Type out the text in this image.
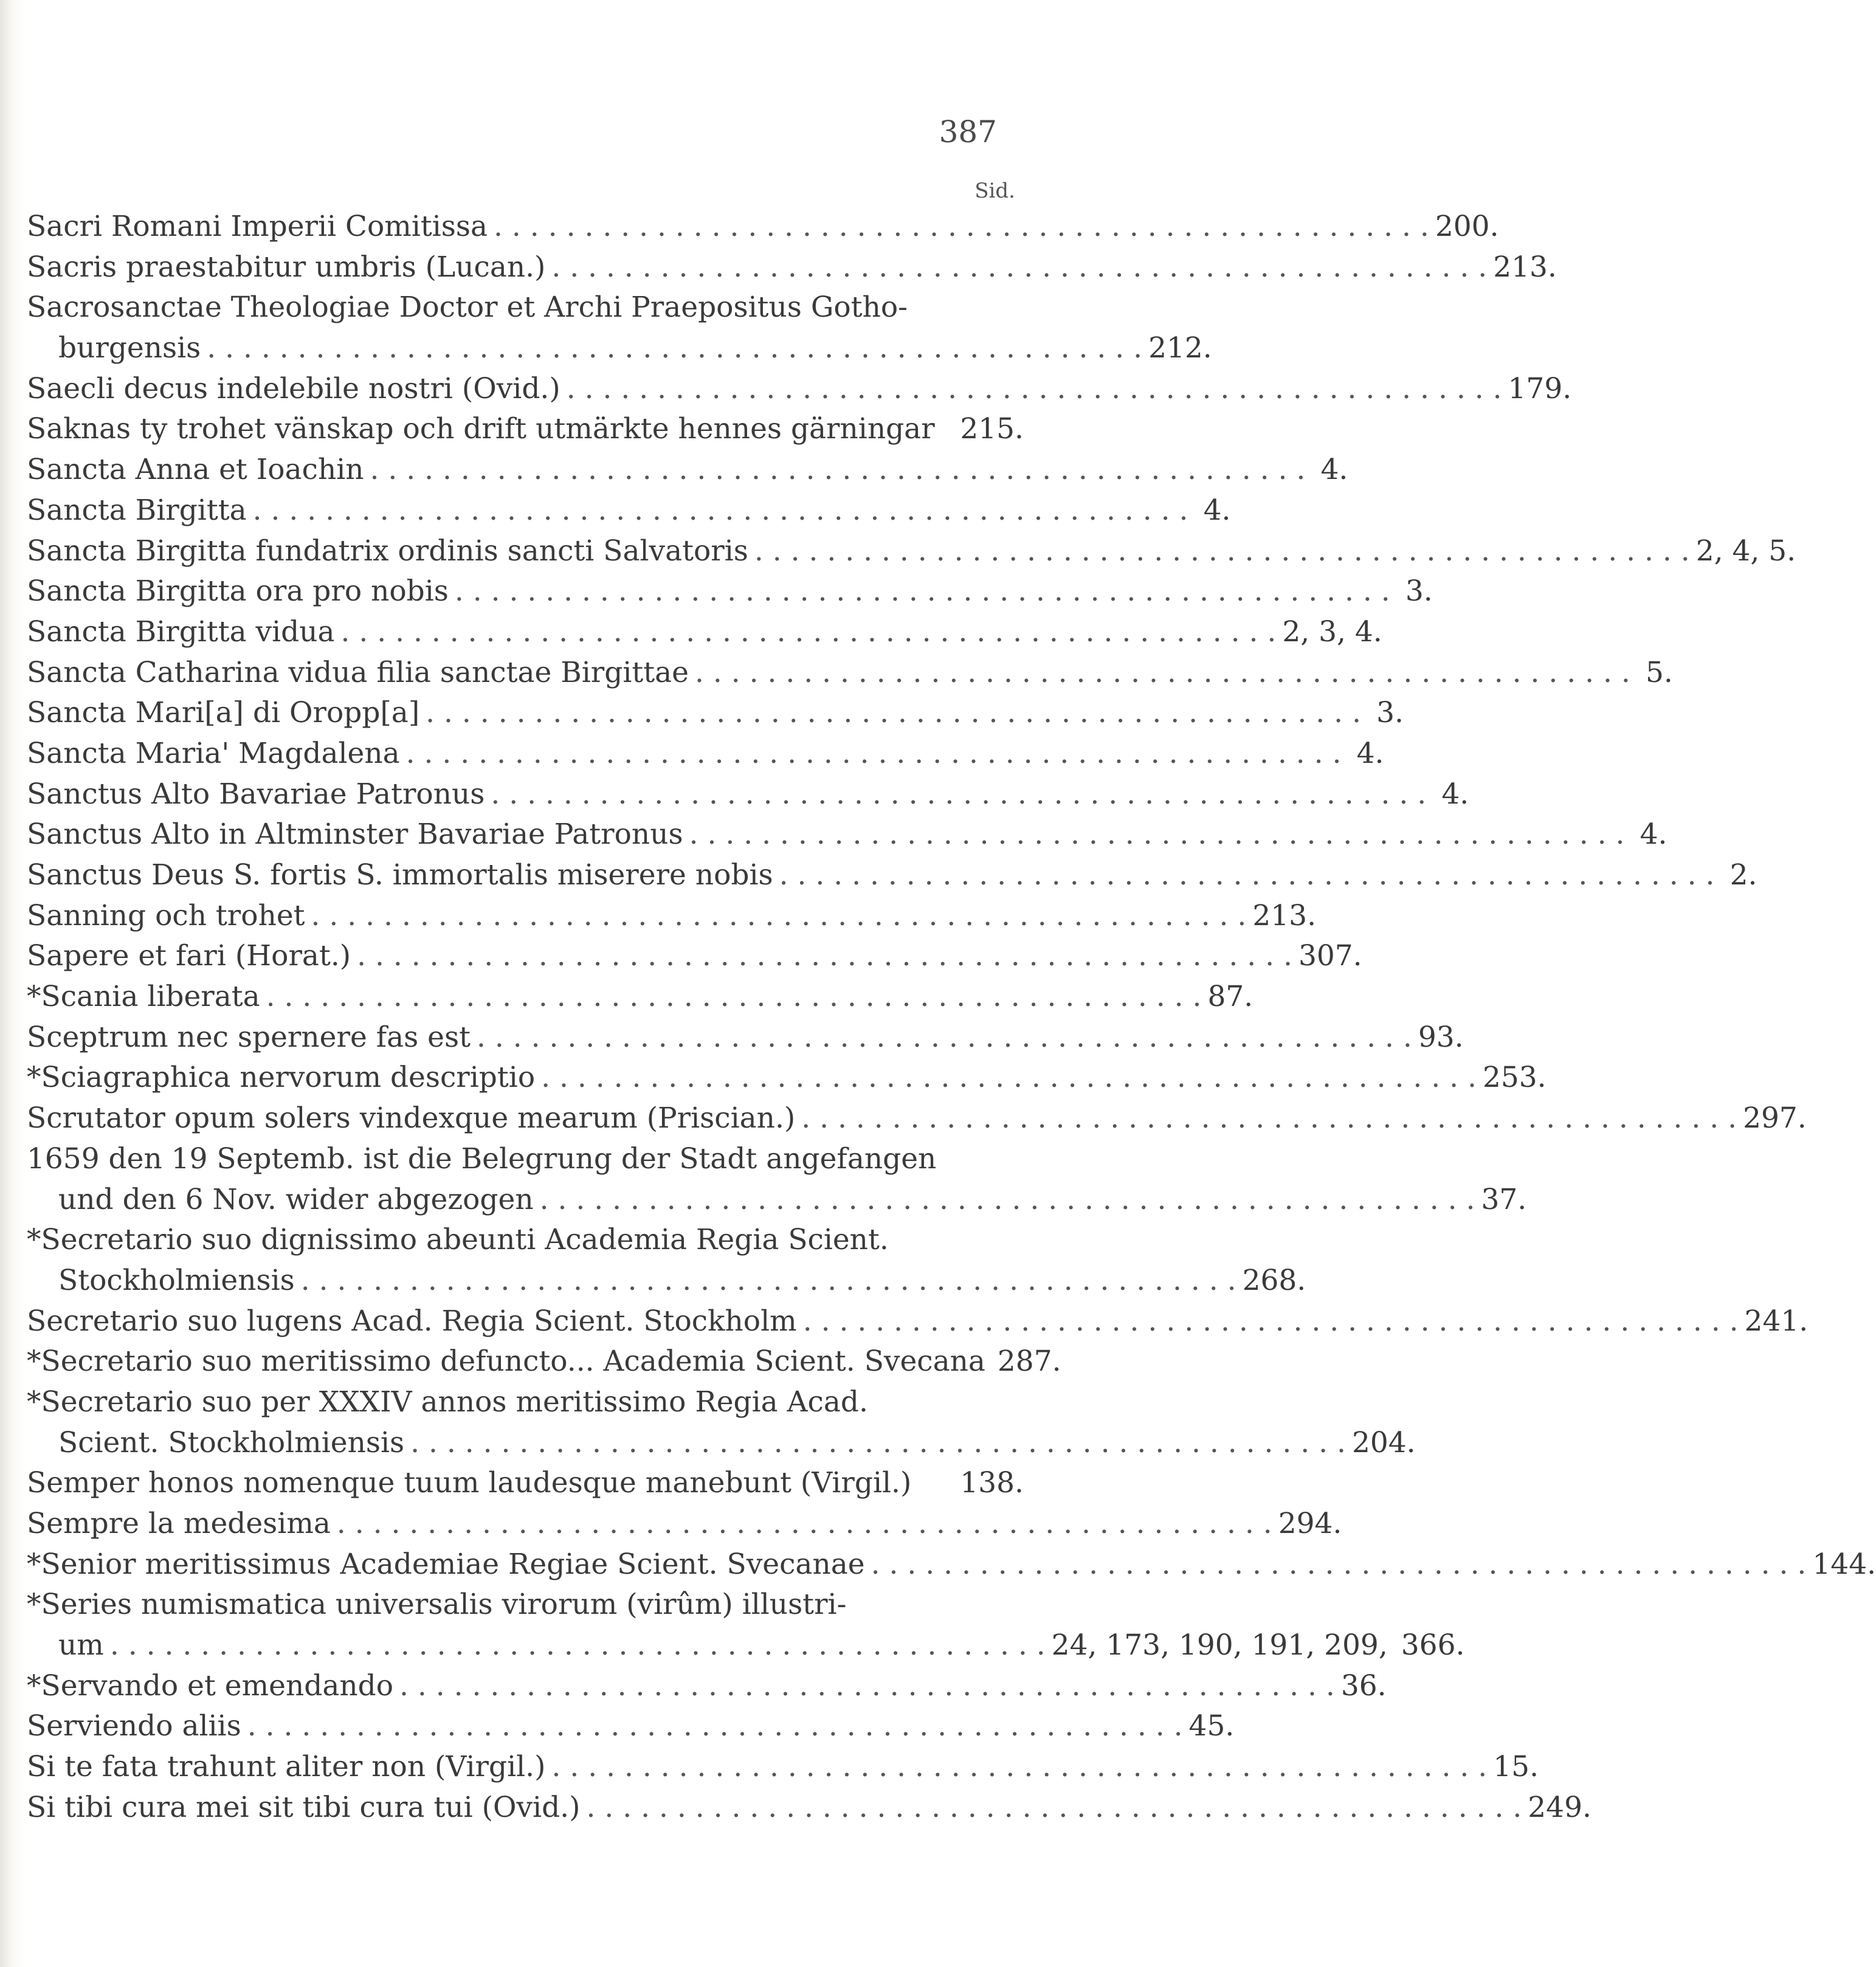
387
Sid.
Sacri Romani Imperii Comitissa . . .	200.
Sacris praestabitur umbris (Lucan.) . . .	213.
Sacrosanctae Theologiae Doctor et Archi Praepositus Gotho-
burgensis . . .	212.
Saecli decus indelebile nostri (Ovid.) . . .	179.
Saknas ty trohet vänskap och drift utmärkte hennes gärningar 215.
Sancta Anna et Ioachin . . .	4.
Sancta Birgitta . . .	4.
Sancta Birgitta fundatrix ordinis sancti Salvatoris . . .	2, 4, 5.
Sancta Birgitta ora pro nobis . . .	3.
Sancta Birgitta vidua . . .	2, 3, 4.
Sancta Catharina vidua filia sanctae Birgittae . . .	5.
Sancta Mari[a] di Oropp[a] . . .	3.
Sancta Maria' Magdalena . . .	4.
Sanctus Alto Bavariae Patronus . . .	4.
Sanctus Alto in Altminster Bavariae Patronus . . .	4.
Sanctus Deus S. fortis S. immortalis miserere nobis . . .	2.
Sanning och trohet . . .	213.
Sapere et fari (Horat.) . . .	307.
*Scania liberata . . .	87.
Sceptrum nec spernere fas est . . .	93.
*Sciagraphica nervorum descriptio . . .	253.
Scrutator opum solers vindexque mearum (Priscian.) . . .	297.
1659 den 19 Septemb. ist die Belegrung der Stadt angefangen
und den 6 Nov. wider abgezogen . . .	37.
*Secretario suo dignissimo abeunti Academia Regia Scient.
Stockholmiensis . . .	268.
Secretario suo lugens Acad. Regia Scient. Stockholm . . .	241.
*Secretario suo meritissimo defuncto... Academia Scient. Svecana 287.
*Secretario suo per XXXIV annos meritissimo Regia Acad.
Scient. Stockholmiensis . . .	204.
Semper honos nomenque tuum laudesque manebunt (Virgil.) 138.
Sempre la medesima . . .	294.
*Senior meritissimus Academiae Regiae Scient. Svecanae . . .	144.
*Series numismatica universalis virorum (virûm) illustri-
um . . .	24, 173, 190, 191, 209, 366.
*Servando et emendando . . .	36.
Serviendo aliis . . .	45.
Si te fata trahunt aliter non (Virgil.) . . .	15.
Si tibi cura mei sit tibi cura tui (Ovid.) . . .	249.
